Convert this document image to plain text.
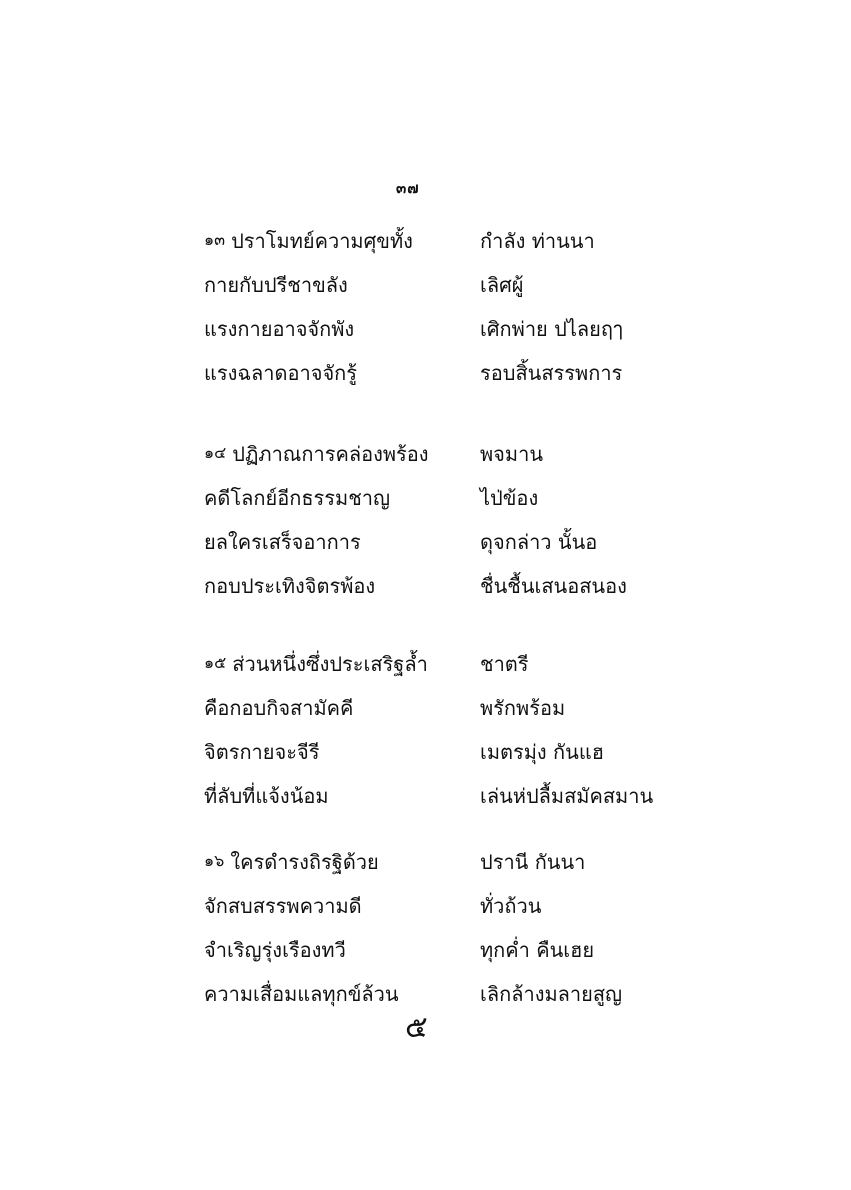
๓๗
๑๓ ปราโมทย์ความศุขทั้ง	กำลัง ท่านนา
กายกับปรีชาขลัง	เลิศผู้
แรงกายอาจจักพัง	เศิกพ่าย ปไลยฤๅ
แรงฉลาดอาจจักรู้	รอบสิ้นสรรพการ
๑๔ ปฏิภาณการคล่องพร้อง	พจมาน
คดีโลกย์อีกธรรมชาญ	ไป่ข้อง
ยลใครเสร็จอาการ	ดุจกล่าว นั้นอ
กอบประเทิงจิตรพ้อง	ชื่นชื้นเสนอสนอง
๑๕ ส่วนหนึ่งซึ่งประเสริฐล้ำ	ชาตรี
คือกอบกิจสามัคคี	พรักพร้อม
จิตรกายจะจีรี	เมตรมุ่ง กันแฮ
ที่ลับที่แจ้งน้อม	เล่นห่ปลื้มสมัคสมาน
๑๖ ใครดำรงถิรฐิด้วย	ปรานี กันนา
จักสบสรรพความดี	ทั่วถ้วน
จำเริญรุ่งเรืองทวี	ทุกค่ำ คืนเฮย
ความเสื่อมแลทุกข์ล้วน	เลิกล้างมลายสูญ
๕
